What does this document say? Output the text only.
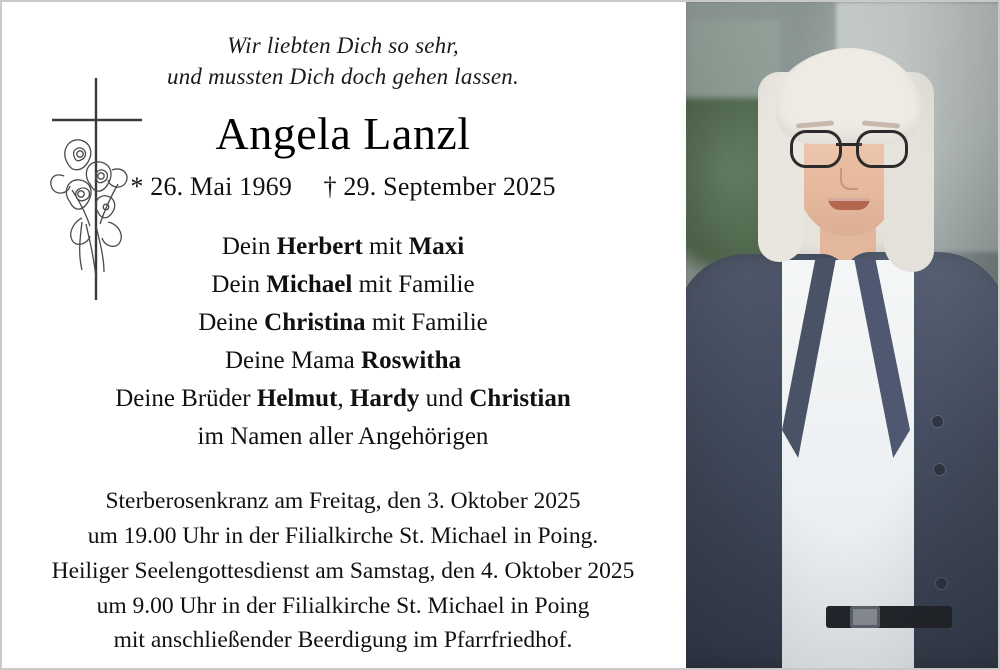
Wir liebten Dich so sehr,
und mussten Dich doch gehen lassen.
Angela Lanzl
* 26. Mai 1969 † 29. September 2025
Dein Herbert mit Maxi
Dein Michael mit Familie
Deine Christina mit Familie
Deine Mama Roswitha
Deine Brüder Helmut, Hardy und Christian
im Namen aller Angehörigen
Sterberosenkranz am Freitag, den 3. Oktober 2025
um 19.00 Uhr in der Filialkirche St. Michael in Poing.
Heiliger Seelengottesdienst am Samstag, den 4. Oktober 2025
um 9.00 Uhr in der Filialkirche St. Michael in Poing
mit anschließender Beerdigung im Pfarrfriedhof.
